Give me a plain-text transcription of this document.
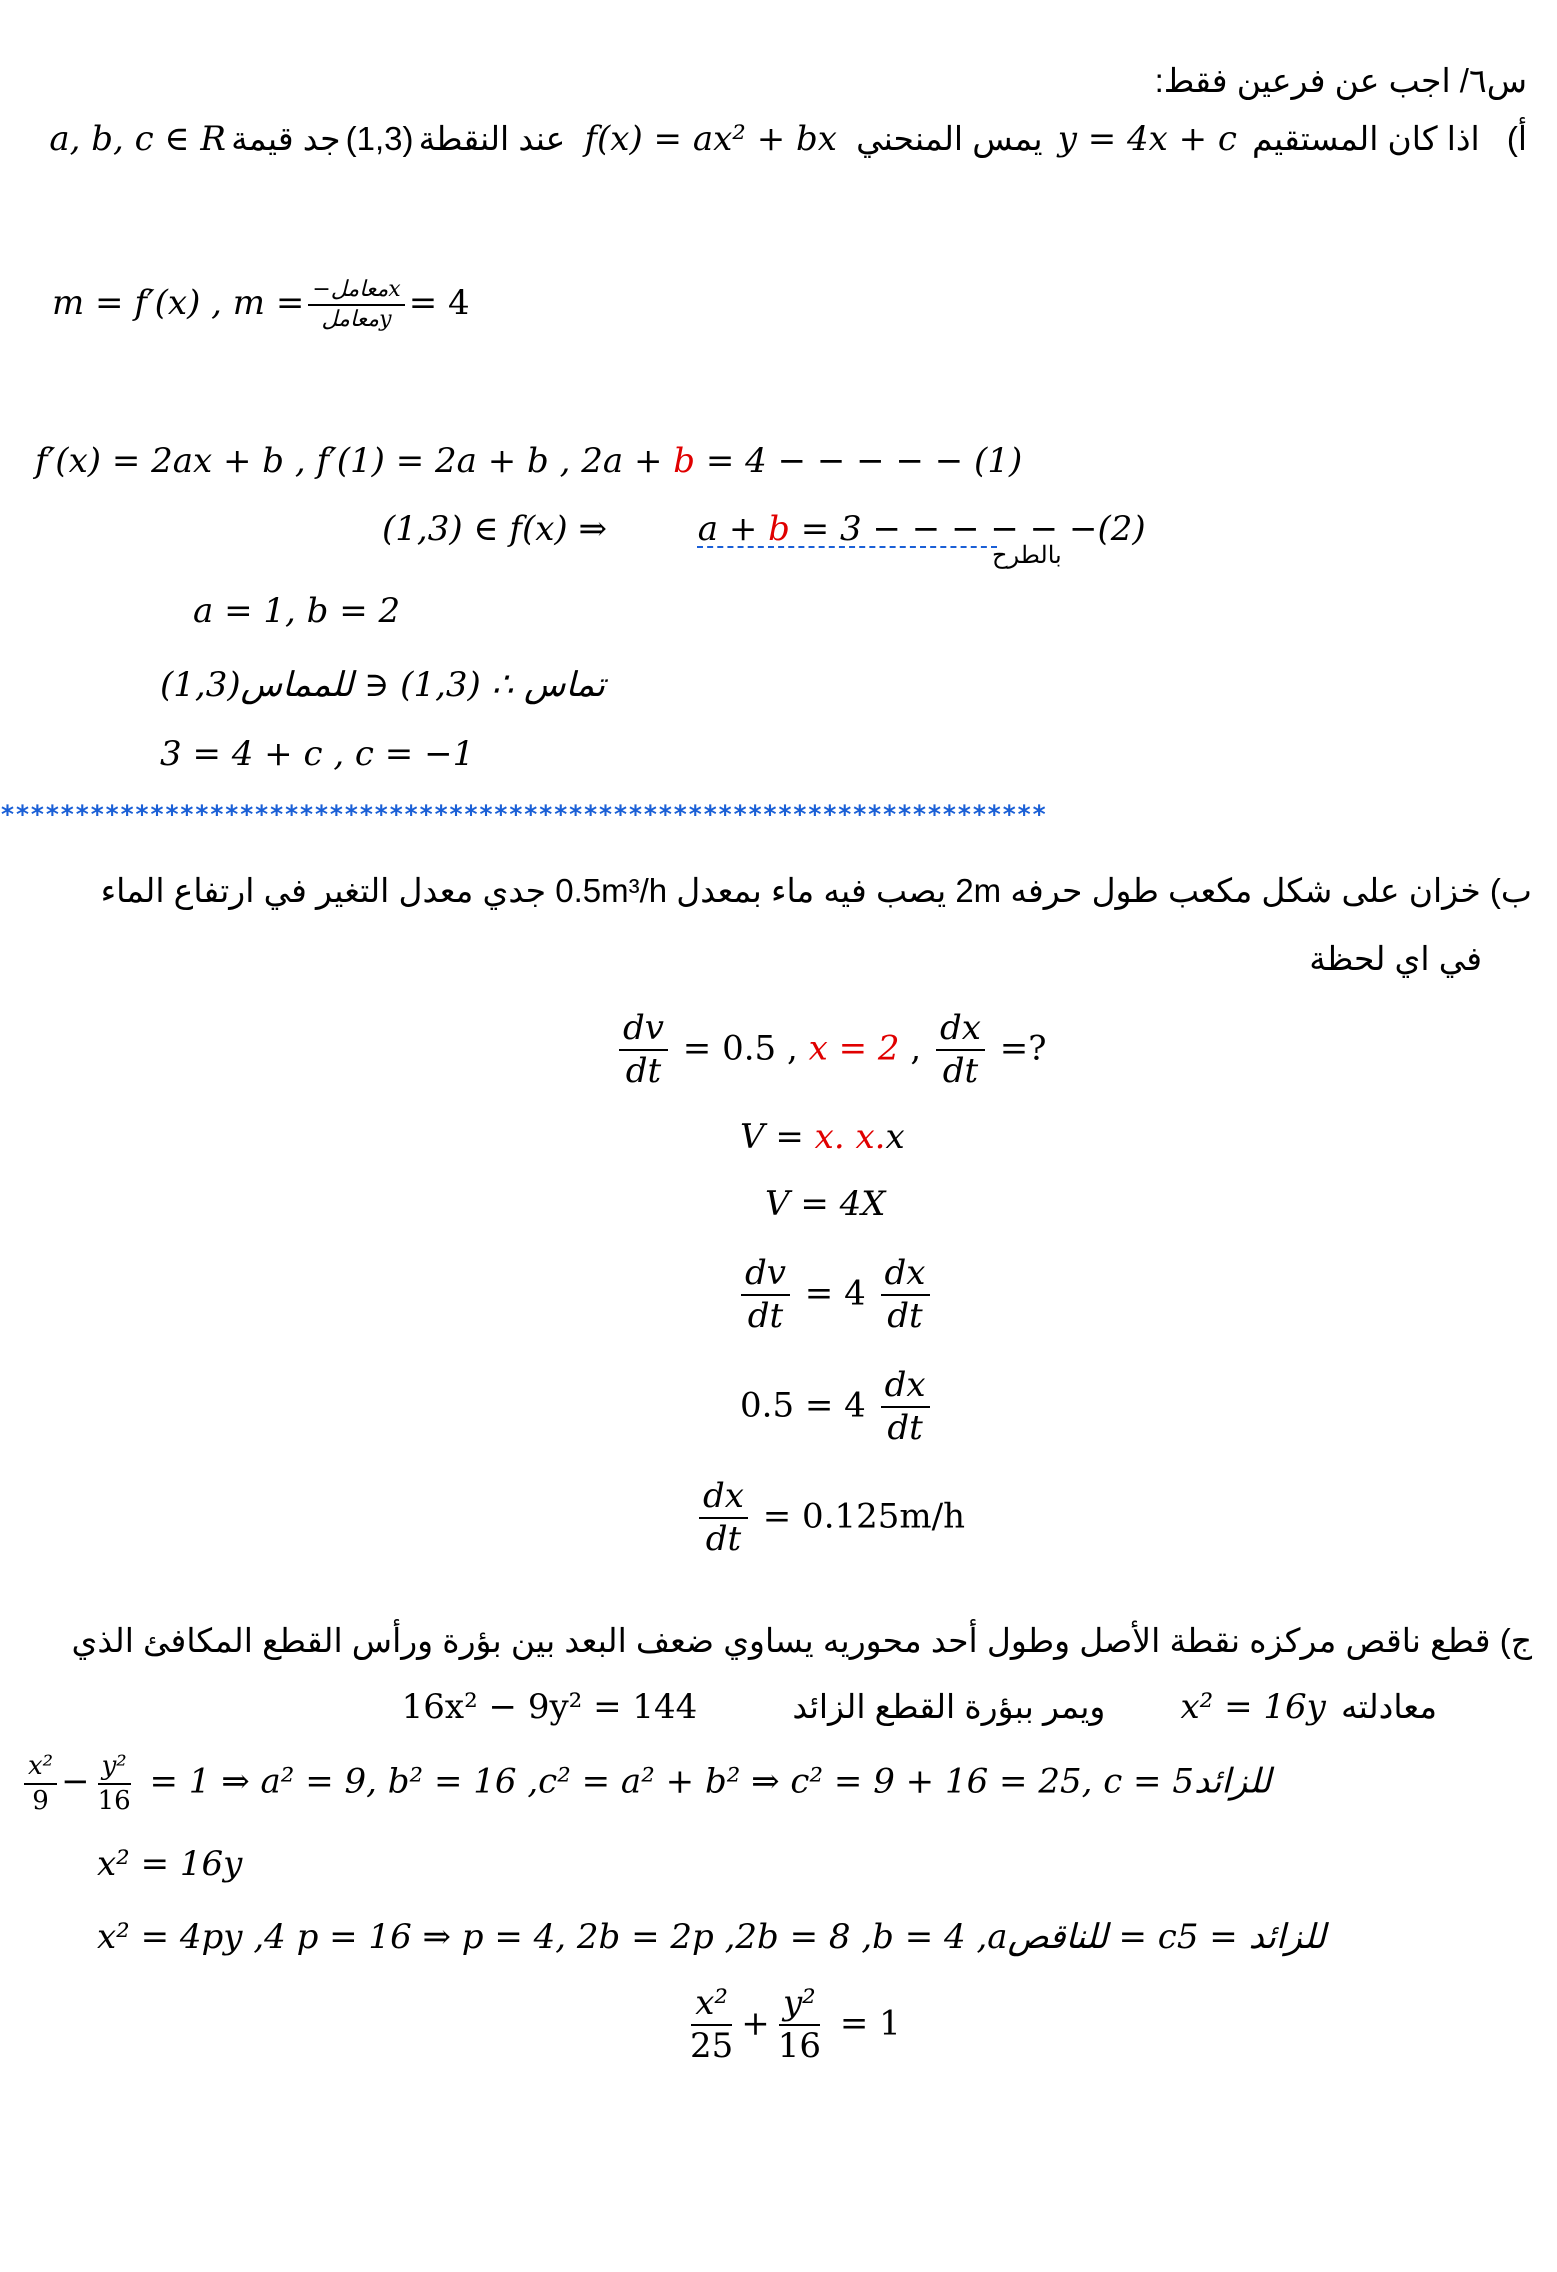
س٦/ اجب عن فرعين فقط:
أ) اذا كان المستقيم y = 4x + c يمس المنحني f(x) = ax² + bx عند النقطة (1,3) جد قيمة a, b, c ∈ R
m = f′(x) , $m = \frac{\text{−معاملx}}{\text{معاملy}} = 4$
f′(x) = 2ax + b , f′(1) = 2a + b , 2a + b = 4 − − − − − (1)
(1,3) ∈ f(x) ⇒	a + b = 3 − − − − − −(2)
بالطرح
a = 1, b = 2
(1,3)تماس ∴ (1,3) ∈ للمماس
3 = 4 + c , c = −1
**********************************************************************
ب) خزان على شكل مكعب طول حرفه 2m يصب فيه ماء بمعدل 0.5m³/h جدي معدل التغير في ارتفاع الماء
في اي لحظة
$\frac{dv}{dt} = 0.5$ , x = 2 , $\frac{dx}{dt}$ =?
V = x. x.x
V = 4X
$\frac{dv}{dt} = 4 \frac{dx}{dt}$
$0.5 = 4 \frac{dx}{dt}$
$\frac{dx}{dt} = 0.125m/h$
ج) قطع ناقص مركزه نقطة الأصل وطول أحد محوريه يساوي ضعف البعد بين بؤرة ورأس القطع المكافئ الذي
معادلته x² = 16y ويمر ببؤرة القطع الزائد 16x² − 9y² = 144
$\frac{\text{x²}}{9} - \frac{\text{y²}}{16} = 1$ ⇒ a² = 9, b² = 16 ,c² = a² + b² ⇒ c² = 9 + 16 = 25, c = 5للزائد
x² = 16y
x² = 4py ,4 p = 16 ⇒ p = 4, 2b = 2p ,2b = 8 ,b = 4 ,aللناقص = cللزائد = 5
$\frac{\text{x²}}{25} + \frac{\text{y²}}{16} = 1$
